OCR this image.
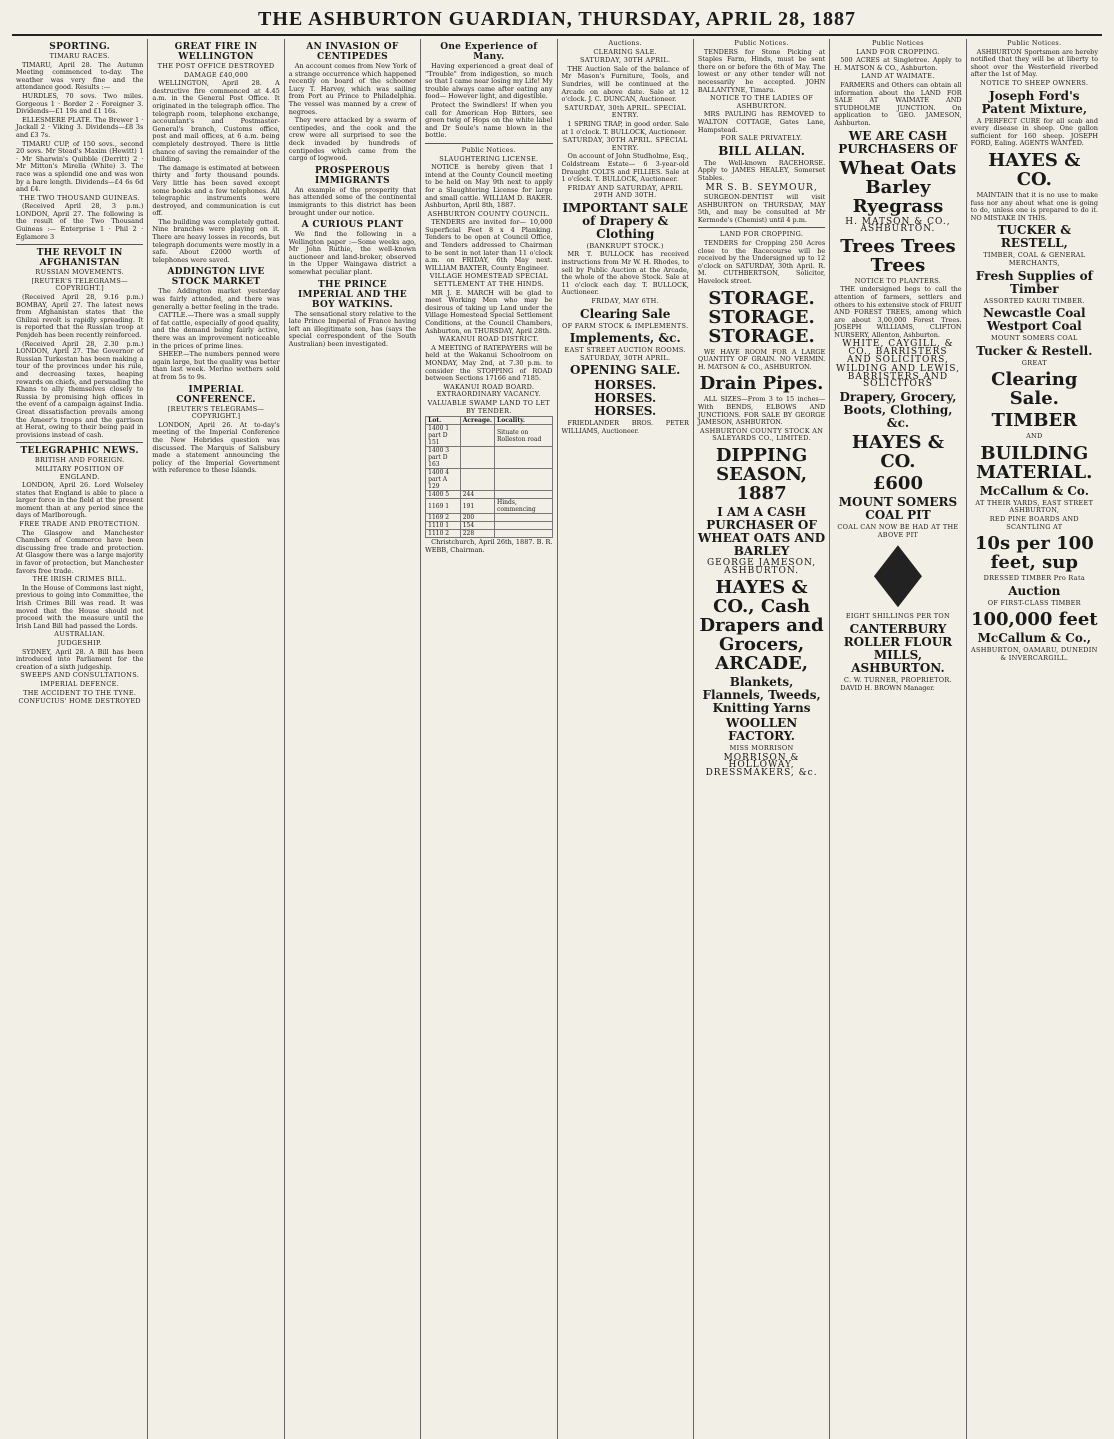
THE ASHBURTON GUARDIAN, THURSDAY, APRIL 28, 1887
SPORTING.
TIMARU RACES.

TIMARU, April 28. The Autumn Meeting commenced to-day. The weather was very fine and the attendance good. Results :—

HURDLES, 70 sovs. Two miles. Gorgeous 1 · Border 2 · Foreigner 3. Dividends—£1 19s and £1 16s.

ELLESMERE PLATE. The Brewer 1 · Jackall 2 · Viking 3. Dividends—£8 3s and £3 7s.

TIMARU CUP, of 150 sovs., second 20 sovs. Mr Stead's Maxim (Hewitt) 1 · Mr Sharwin's Quibble (Derritt) 2 · Mr Mitton's Mirella (White) 3. The race was a splendid one and was won by a bare length. Dividends—£4 6s 6d and £4.

THE TWO THOUSAND GUINEAS.

(Received April 28, 3 p.m.) LONDON, April 27. The following is the result of the Two Thousand Guineas :— Enterprise 1 · Phil 2 · Eglamore 3

THE REVOLT IN AFGHANISTAN
RUSSIAN MOVEMENTS.
[REUTER'S TELEGRAMS—COPYRIGHT.]

(Received April 28, 9.16 p.m.) BOMBAY, April 27. The latest news from Afghanistan states that the Ghilzai revolt is rapidly spreading. It is reported that the Russian troop at Penjdeh has been recently reinforced.

(Received April 28, 2.30 p.m.) LONDON, April 27. The Governor of Russian Turkestan has been making a tour of the provinces under his rule, and decreasing taxes, heaping rewards on chiefs, and persuading the Khans to ally themselves closely to Russia by promising high offices in the event of a campaign against India. Great dissatisfaction prevails among the Ameer's troops and the garrison at Herat, owing to their being paid in provisions instead of cash.

TELEGRAPHIC NEWS.
BRITISH AND FOREIGN.
MILITARY POSITION OF ENGLAND.

LONDON, April 26. Lord Wolseley states that England is able to place a larger force in the field at the present moment than at any period since the days of Marlborough.

FREE TRADE AND PROTECTION.

The Glasgow and Manchester Chambers of Commerce have been discussing free trade and protection. At Glasgow there was a large majority in favor of protection, but Manchester favors free trade.

THE IRISH CRIMES BILL.

In the House of Commons last night, previous to going into Committee, the Irish Crimes Bill was read. It was moved that the House should not proceed with the measure until the Irish Land Bill had passed the Lords.

AUSTRALIAN.
JUDGESHIP.

SYDNEY, April 28. A Bill has been introduced into Parliament for the creation of a sixth judgeship.

SWEEPS AND CONSULTATIONS.
IMPERIAL DEFENCE.
THE ACCIDENT TO THE TYNE.
CONFUCIUS' HOME DESTROYED
GREAT FIRE IN WELLINGTON
THE POST OFFICE DESTROYED
DAMAGE £40,000

WELLINGTON, April 28. A destructive fire commenced at 4.45 a.m. in the General Post Office. It originated in the telegraph office. The telegraph room, telephone exchange, accountant's and Postmaster-General's branch, Customs office, post and mail offices, at 6 a.m. being completely destroyed. There is little chance of saving the remainder of the building.

The damage is estimated at between thirty and forty thousand pounds. Very little has been saved except some books and a few telephones. All telegraphic instruments were destroyed, and communication is cut off.

The building was completely gutted. Nine branches were playing on it. There are heavy losses in records, but telegraph documents were mostly in a safe. About £2000 worth of telephones were saved.

ADDINGTON LIVE STOCK MARKET

The Addington market yesterday was fairly attended, and there was generally a better feeling in the trade.

CATTLE.—There was a small supply of fat cattle, especially of good quality, and the demand being fairly active, there was an improvement noticeable in the prices of prime lines.

SHEEP.—The numbers penned were again large, but the quality was better than last week. Merino wethers sold at from 5s to 9s.

IMPERIAL CONFERENCE.
[REUTER'S TELEGRAMS—COPYRIGHT.]

LONDON, April 26. At to-day's meeting of the Imperial Conference the New Hebrides question was discussed. The Marquis of Salisbury made a statement announcing the policy of the Imperial Government with reference to these Islands.

AN INVASION OF CENTIPEDES

An account comes from New York of a strange occurrence which happened recently on board of the schooner Lucy T. Harvey, which was sailing from Port au Prince to Philadelphia. The vessel was manned by a crew of negroes.

They were attacked by a swarm of centipedes, and the cook and the crew were all surprised to see the deck invaded by hundreds of centipedes which came from the cargo of logwood.

PROSPEROUS IMMIGRANTS

An example of the prosperity that has attended some of the continental immigrants to this district has been brought under our notice.

A CURIOUS PLANT

We find the following in a Wellington paper :—Some weeks ago, Mr John Ruthie, the well-known auctioneer and land-broker, observed in the Upper Waingawa district a somewhat peculiar plant.

THE PRINCE IMPERIAL AND THE BOY WATKINS.

The sensational story relative to the late Prince Imperial of France having left an illegitimate son, has (says the special correspondent of the South Australian) been investigated.

One Experience of Many.

Having experienced a great deal of "Trouble" from indigestion, so much so that I came near losing my Life! My trouble always came after eating any food— However light, and digestible.

Protect the Swindlers! If when you call for American Hop Bitters, see green twig of Hops on the white label and Dr Soule's name blown in the bottle.

Public Notices.
SLAUGHTERING LICENSE.

NOTICE is hereby given that I intend at the County Council meeting to be held on May 9th next to apply for a Slaughtering License for large and small cattle. WILLIAM D. BAKER. Ashburton, April 8th, 1887.

ASHBURTON COUNTY COUNCIL.

TENDERS are invited for— 10,000 Superficial Feet 8 x 4 Planking. Tenders to be open at Council Office, and Tenders addressed to Chairman to be sent in not later than 11 o'clock a.m. on FRIDAY, 6th May next. WILLIAM BAXTER, County Engineer.

VILLAGE HOMESTEAD SPECIAL SETTLEMENT AT THE HINDS.

MR J. E. MARCH will be glad to meet Working Men who may be desirous of taking up Land under the Village Homestead Special Settlement Conditions, at the Council Chambers, Ashburton, on THURSDAY, April 28th.

WAKANUI ROAD DISTRICT.

A MEETING of RATEPAYERS will be held at the Wakanui Schoolroom on MONDAY, May 2nd, at 7.30 p.m. to consider the STOPPING of ROAD between Sections 17166 and 7185.

WAKANUI ROAD BOARD. EXTRAORDINARY VACANCY.
VALUABLE SWAMP LAND TO LET BY TENDER.
Lot.	Acreage.	Locality.
1400 1 part D 151		Situate on Rolleston road
1400 3 part D 163		
1400 4 part A 129		
1400 5	244	
1169 1	191	Hinds, commencing
1169 2	200	
1110 1	154	
1110 2	228	

Christchurch, April 26th, 1887. B. R. WEBB, Chairman.

Auctions.
CLEARING SALE.
SATURDAY, 30TH APRIL.

THE Auction Sale of the balance of Mr Mason's Furniture, Tools, and Sundries, will be continued at the Arcade on above date. Sale at 12 o'clock. J. C. DUNCAN, Auctioneer.

SATURDAY, 30th APRIL. SPECIAL ENTRY.

1 SPRING TRAP, in good order. Sale at 1 o'clock. T. BULLOCK, Auctioneer.

SATURDAY, 30TH APRIL. SPECIAL ENTRY.

On account of John Studholme, Esq., Coldstream Estate— 6 3-year-old Draught COLTS and FILLIES. Sale at 1 o'clock. T. BULLOCK, Auctioneer.

FRIDAY AND SATURDAY, APRIL 29TH AND 30TH.
IMPORTANT SALE of Drapery & Clothing
(BANKRUPT STOCK.)

MR T. BULLOCK has received instructions from Mr W. H. Rhodes, to sell by Public Auction at the Arcade, the whole of the above Stock. Sale at 11 o'clock each day. T. BULLOCK, Auctioneer.

FRIDAY, MAY 6TH.
Clearing Sale
OF FARM STOCK & IMPLEMENTS.
Implements, &c.
EAST STREET AUCTION ROOMS. SATURDAY, 30TH APRIL.
OPENING SALE.
HORSES. HORSES. HORSES.

FRIEDLANDER BROS. PETER WILLIAMS, Auctioneer.

Public Notices.

TENDERS for Stone Picking at Staples Farm, Hinds, must be sent there on or before the 6th of May. The lowest or any other tender will not necessarily be accepted. JOHN BALLANTYNE, Timaru.

NOTICE TO THE LADIES OF ASHBURTON.

MRS PAULING has REMOVED to WALTON COTTAGE, Gates Lane, Hampstead.

FOR SALE PRIVATELY.
BILL ALLAN.

The Well-known RACEHORSE. Apply to JAMES HEALEY, Somerset Stables.

MR S. B. SEYMOUR,

SURGEON-DENTIST will visit ASHBURTON on THURSDAY, MAY 5th, and may be consulted at Mr Kermode's (Chemist) until 4 p.m.

LAND FOR CROPPING.

TENDERS for Cropping 250 Acres close to the Racecourse will be received by the Undersigned up to 12 o'clock on SATURDAY, 30th April. R. M. CUTHBERTSON, Solicitor, Havelock street.

STORAGE. STORAGE. STORAGE.

WE HAVE ROOM FOR A LARGE QUANTITY OF GRAIN. NO VERMIN. H. MATSON & CO., ASHBURTON.

Drain Pipes.

ALL SIZES—From 3 to 15 inches—With BENDS, ELBOWS AND JUNCTIONS. FOR SALE BY GEORGE JAMESON, ASHBURTON.

ASHBURTON COUNTY STOCK AN SALEYARDS CO., LIMITED.
DIPPING SEASON, 1887
I AM A CASH PURCHASER OF WHEAT OATS AND BARLEY
GEORGE JAMESON, ASHBURTON.
HAYES & CO., Cash Drapers and Grocers, ARCADE,
Blankets, Flannels, Tweeds, Knitting Yarns
WOOLLEN FACTORY.
MISS MORRISON
MORRISON & HOLLOWAY, DRESSMAKERS, &c.
Public Notices
LAND FOR CROPPING.

500 ACRES at Singletree. Apply to H. MATSON & CO., Ashburton.

LAND AT WAIMATE.

FARMERS and Others can obtain all information about the LAND FOR SALE AT WAIMATE AND STUDHOLME JUNCTION. On application to GEO. JAMESON, Ashburton.

WE ARE CASH PURCHASERS OF
Wheat Oats Barley Ryegrass
H. MATSON & CO., ASHBURTON.
Trees Trees Trees
NOTICE TO PLANTERS.

THE undersigned begs to call the attention of farmers, settlers and others to his extensive stock of FRUIT AND FOREST TREES, among which are about 3,00,000 Forest Trees. JOSEPH WILLIAMS, CLIFTON NURSERY, Allenton, Ashburton.

WHITE, CAYGILL, & CO., BARRISTERS AND SOLICITORS,
WILDING AND LEWIS, BARRISTERS AND SOLICITORS
Drapery, Grocery, Boots, Clothing, &c.
HAYES & CO.
£600
MOUNT SOMERS COAL PIT
COAL CAN NOW BE HAD AT THE ABOVE PIT
EIGHT SHILLINGS PER TON
CANTERBURY ROLLER FLOUR MILLS, ASHBURTON.
C. W. TURNER, PROPRIETOR.

DAVID H. BROWN Manager.

Public Notices.

ASHBURTON Sportsmen are hereby notified that they will be at liberty to shoot over the Westerfield riverbed after the 1st of May.

NOTICE TO SHEEP OWNERS.
Joseph Ford's Patent Mixture,

A PERFECT CURE for all scab and every disease in sheep. One gallon sufficient for 160 sheep. JOSEPH FORD, Ealing. AGENTS WANTED.

HAYES & CO.

MAINTAIN that it is no use to make fuss nor any about what one is going to do, unless one is prepared to do it. NO MISTAKE IN THIS.

TUCKER & RESTELL,
TIMBER, COAL & GENERAL MERCHANTS,
Fresh Supplies of Timber
ASSORTED KAURI TIMBER.
Newcastle Coal Westport Coal
MOUNT SOMERS COAL
Tucker & Restell.
GREAT
Clearing Sale.
TIMBER
AND
BUILDING MATERIAL.
McCallum & Co.
AT THEIR YARDS, EAST STREET ASHBURTON,
RED PINE BOARDS AND SCANTLING AT
10s per 100 feet, sup
DRESSED TIMBER Pro Rata
Auction
OF FIRST-CLASS TIMBER
100,000 feet
McCallum & Co.,
ASHBURTON, OAMARU, DUNEDIN & INVERCARGILL.
